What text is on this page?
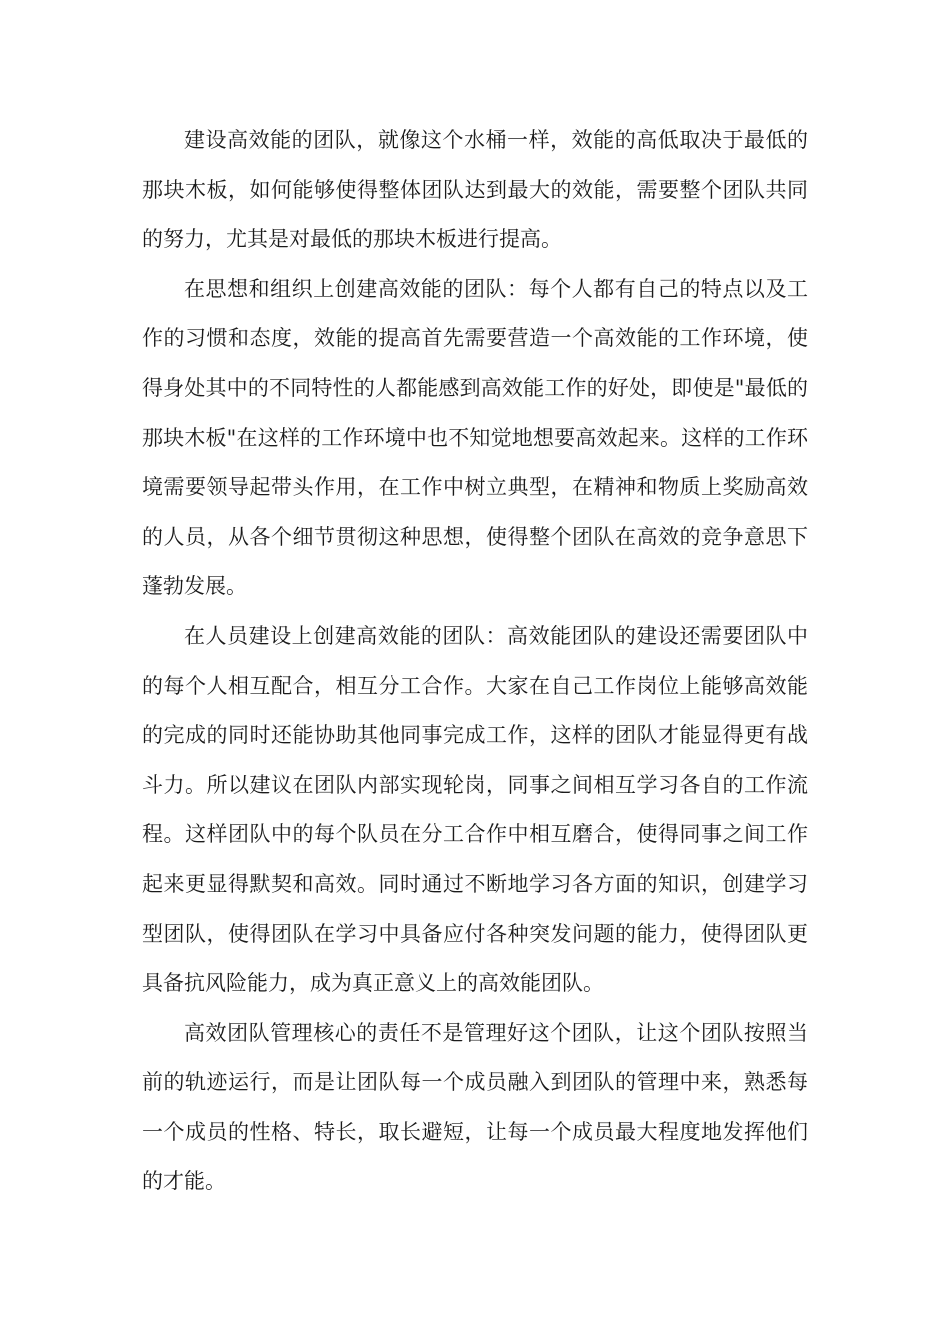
建设高效能的团队，就像这个水桶一样，效能的高低取决于最低的那块木板，如何能够使得整体团队达到最大的效能，需要整个团队共同的努力，尤其是对最低的那块木板进行提高。

在思想和组织上创建高效能的团队：每个人都有自己的特点以及工作的习惯和态度，效能的提高首先需要营造一个高效能的工作环境，使得身处其中的不同特性的人都能感到高效能工作的好处，即使是"最低的那块木板"在这样的工作环境中也不知觉地想要高效起来。这样的工作环境需要领导起带头作用，在工作中树立典型，在精神和物质上奖励高效的人员，从各个细节贯彻这种思想，使得整个团队在高效的竞争意思下蓬勃发展。

在人员建设上创建高效能的团队：高效能团队的建设还需要团队中的每个人相互配合，相互分工合作。大家在自己工作岗位上能够高效能的完成的同时还能协助其他同事完成工作，这样的团队才能显得更有战斗力。所以建议在团队内部实现轮岗，同事之间相互学习各自的工作流程。这样团队中的每个队员在分工合作中相互磨合，使得同事之间工作起来更显得默契和高效。同时通过不断地学习各方面的知识，创建学习型团队，使得团队在学习中具备应付各种突发问题的能力，使得团队更具备抗风险能力，成为真正意义上的高效能团队。

高效团队管理核心的责任不是管理好这个团队，让这个团队按照当前的轨迹运行，而是让团队每一个成员融入到团队的管理中来，熟悉每一个成员的性格、特长，取长避短，让每一个成员最大程度地发挥他们的才能。
